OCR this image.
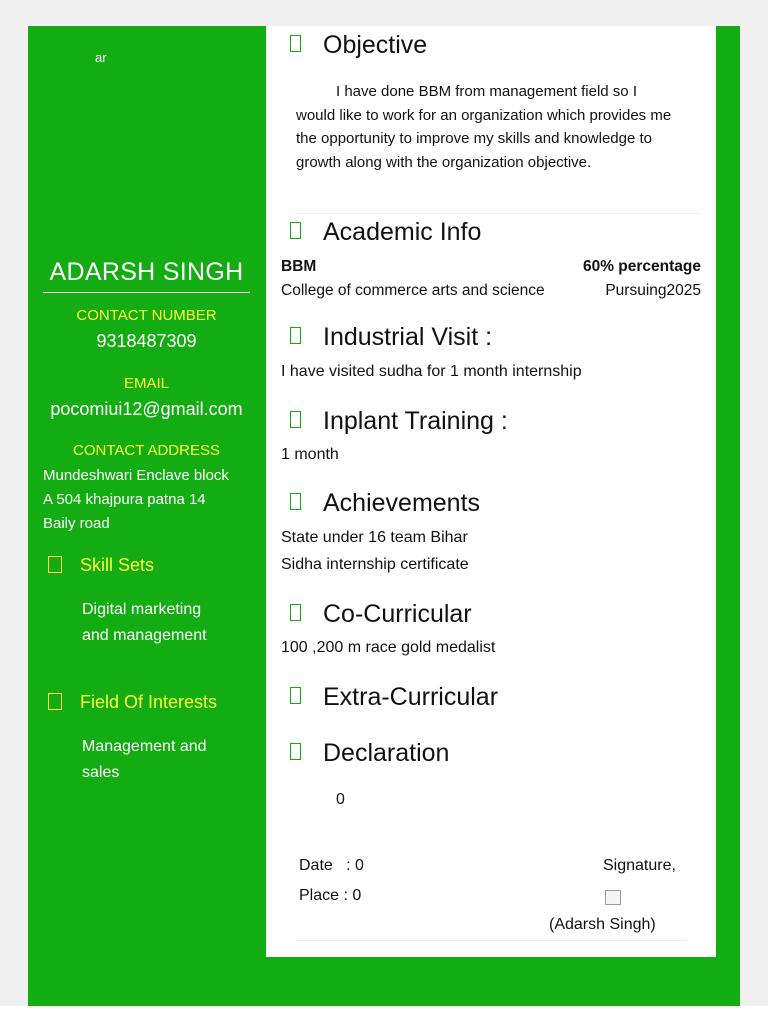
ar
ADARSH SINGH
CONTACT NUMBER
9318487309
EMAIL
pocomiui12@gmail.com
CONTACT ADDRESS
Mundeshwari Enclave block
A 504 khajpura patna 14
Baily road
Skill Sets
Digital marketing
and management
Field Of Interests
Management and
sales
Objective
I have done BBM from management field so I would like to work for an organization which provides me the opportunity to improve my skills and knowledge to growth along with the organization objective.
Academic Info
BBM	60% percentage
College of commerce arts and science	Pursuing2025
Industrial Visit :
I have visited sudha for 1 month internship
Inplant Training :
1 month
Achievements
State under 16 team Bihar
Sidha internship certificate
Co-Curricular
100 ,200 m race gold medalist
Extra-Curricular
Declaration
0
Date   : 0
Place : 0
Signature,
(Adarsh Singh)
